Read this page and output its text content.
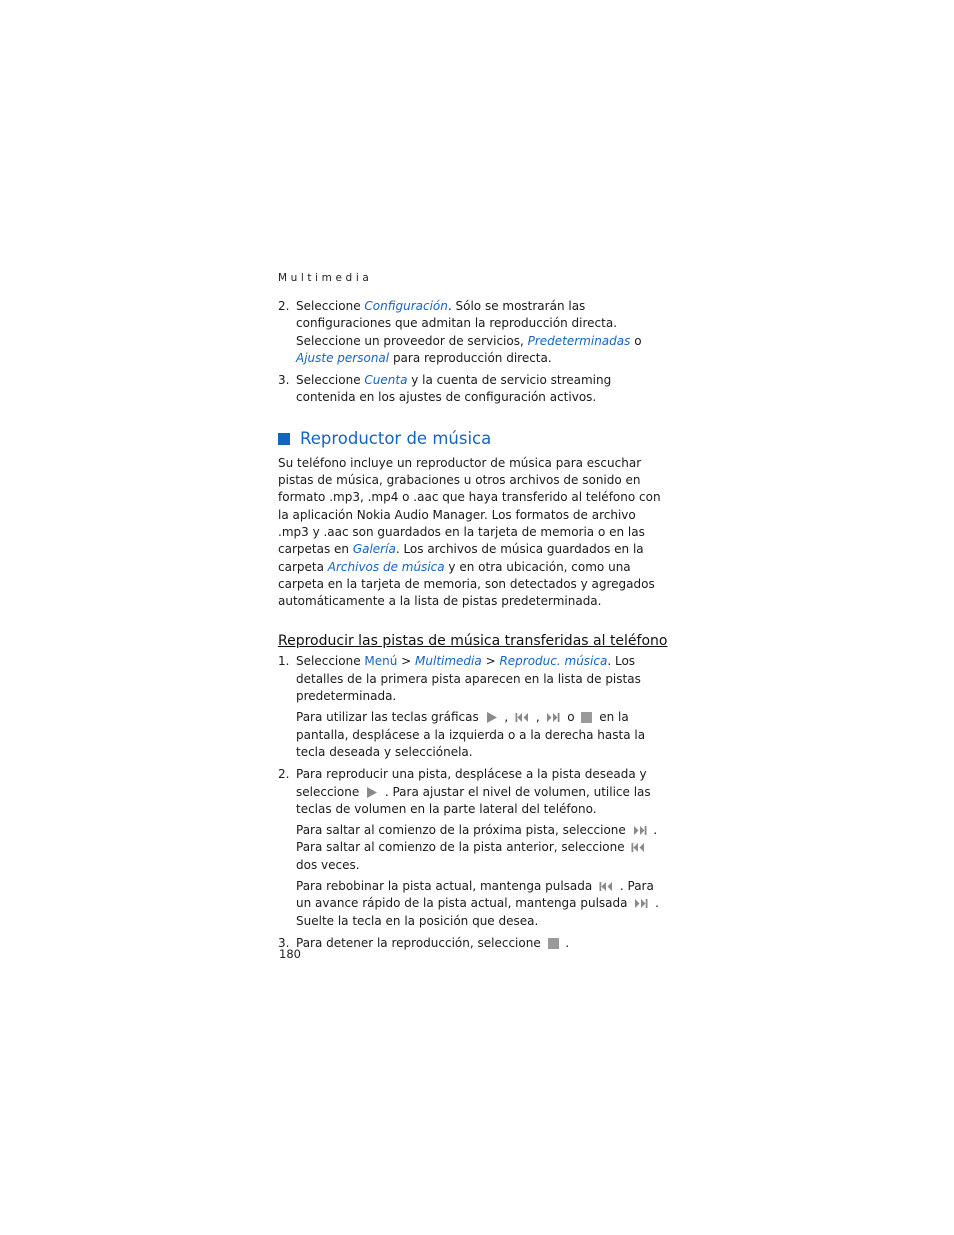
Multimedia

2. Seleccione Configuración. Sólo se mostrarán las configuraciones que admitan la reproducción directa. Seleccione un proveedor de servicios, Predeterminadas o Ajuste personal para reproducción directa.

3. Seleccione Cuenta y la cuenta de servicio streaming contenida en los ajustes de configuración activos.

Reproductor de música

Su teléfono incluye un reproductor de música para escuchar pistas de música, grabaciones u otros archivos de sonido en formato .mp3, .mp4 o .aac que haya transferido al teléfono con la aplicación Nokia Audio Manager. Los formatos de archivo .mp3 y .aac son guardados en la tarjeta de memoria o en las carpetas en Galería. Los archivos de música guardados en la carpeta Archivos de música y en otra ubicación, como una carpeta en la tarjeta de memoria, son detectados y agregados automáticamente a la lista de pistas predeterminada.

Reproducir las pistas de música transferidas al teléfono

1. Seleccione Menú > Multimedia > Reproduc. música. Los detalles de la primera pista aparecen en la lista de pistas predeterminada.

Para utilizar las teclas gráficas  ,  ,  o  en la pantalla, desplácese a la izquierda o a la derecha hasta la tecla deseada y selecciónela.

2. Para reproducir una pista, desplácese a la pista deseada y seleccione  . Para ajustar el nivel de volumen, utilice las teclas de volumen en la parte lateral del teléfono.

Para saltar al comienzo de la próxima pista, seleccione  . Para saltar al comienzo de la pista anterior, seleccione  dos veces.

Para rebobinar la pista actual, mantenga pulsada  . Para un avance rápido de la pista actual, mantenga pulsada  . Suelte la tecla en la posición que desea.

3. Para detener la reproducción, seleccione  .

180
